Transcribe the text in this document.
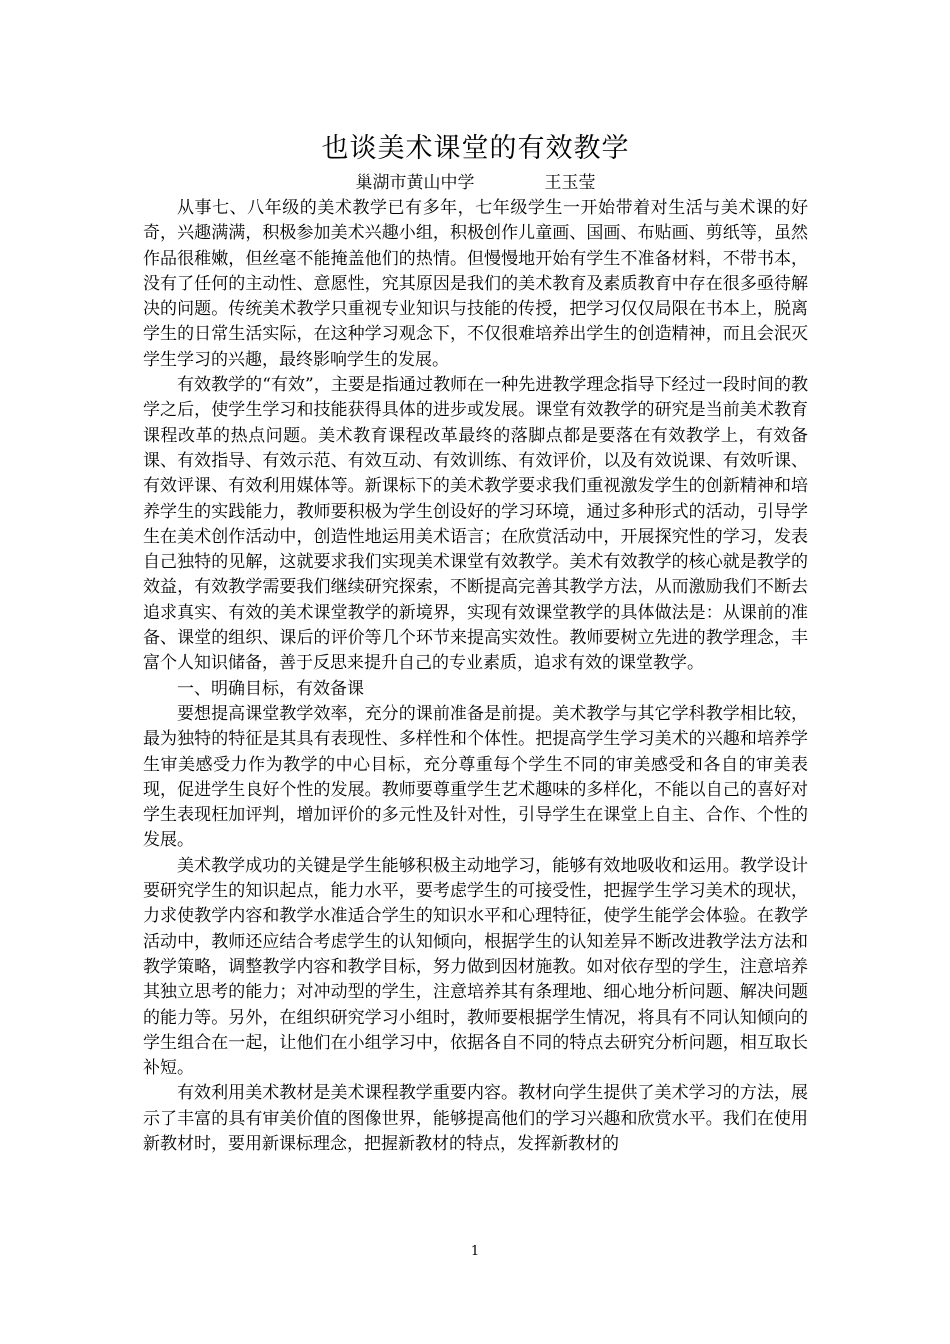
也谈美术课堂的有效教学

巢湖市黄山中学	王玉莹

从事七、八年级的美术教学已有多年，七年级学生一开始带着对生活与美术课的好奇，兴趣满满，积极参加美术兴趣小组，积极创作儿童画、国画、布贴画、剪纸等，虽然作品很稚嫩，但丝毫不能掩盖他们的热情。但慢慢地开始有学生不准备材料，不带书本，没有了任何的主动性、意愿性，究其原因是我们的美术教育及素质教育中存在很多亟待解决的问题。传统美术教学只重视专业知识与技能的传授，把学习仅仅局限在书本上，脱离学生的日常生活实际，在这种学习观念下，不仅很难培养出学生的创造精神，而且会泯灭学生学习的兴趣，最终影响学生的发展。

有效教学的“有效”，主要是指通过教师在一种先进教学理念指导下经过一段时间的教学之后，使学生学习和技能获得具体的进步或发展。课堂有效教学的研究是当前美术教育课程改革的热点问题。美术教育课程改革最终的落脚点都是要落在有效教学上，有效备课、有效指导、有效示范、有效互动、有效训练、有效评价，以及有效说课、有效听课、有效评课、有效利用媒体等。新课标下的美术教学要求我们重视激发学生的创新精神和培养学生的实践能力，教师要积极为学生创设好的学习环境，通过多种形式的活动，引导学生在美术创作活动中，创造性地运用美术语言；在欣赏活动中，开展探究性的学习，发表自己独特的见解，这就要求我们实现美术课堂有效教学。美术有效教学的核心就是教学的效益，有效教学需要我们继续研究探索，不断提高完善其教学方法，从而激励我们不断去追求真实、有效的美术课堂教学的新境界，实现有效课堂教学的具体做法是：从课前的准备、课堂的组织、课后的评价等几个环节来提高实效性。教师要树立先进的教学理念，丰富个人知识储备，善于反思来提升自己的专业素质，追求有效的课堂教学。

一、明确目标，有效备课

要想提高课堂教学效率，充分的课前准备是前提。美术教学与其它学科教学相比较，最为独特的特征是其具有表现性、多样性和个体性。把提高学生学习美术的兴趣和培养学生审美感受力作为教学的中心目标，充分尊重每个学生不同的审美感受和各自的审美表现，促进学生良好个性的发展。教师要尊重学生艺术趣味的多样化，不能以自己的喜好对学生表现枉加评判，增加评价的多元性及针对性，引导学生在课堂上自主、合作、个性的发展。

美术教学成功的关键是学生能够积极主动地学习，能够有效地吸收和运用。教学设计要研究学生的知识起点，能力水平，要考虑学生的可接受性，把握学生学习美术的现状，力求使教学内容和教学水准适合学生的知识水平和心理特征，使学生能学会体验。在教学活动中，教师还应结合考虑学生的认知倾向，根据学生的认知差异不断改进教学法方法和教学策略，调整教学内容和教学目标，努力做到因材施教。如对依存型的学生，注意培养其独立思考的能力；对冲动型的学生，注意培养其有条理地、细心地分析问题、解决问题的能力等。另外，在组织研究学习小组时，教师要根据学生情况，将具有不同认知倾向的学生组合在一起，让他们在小组学习中，依据各自不同的特点去研究分析问题，相互取长补短。

有效利用美术教材是美术课程教学重要内容。教材向学生提供了美术学习的方法，展示了丰富的具有审美价值的图像世界，能够提高他们的学习兴趣和欣赏水平。我们在使用新教材时，要用新课标理念，把握新教材的特点，发挥新教材的

1
